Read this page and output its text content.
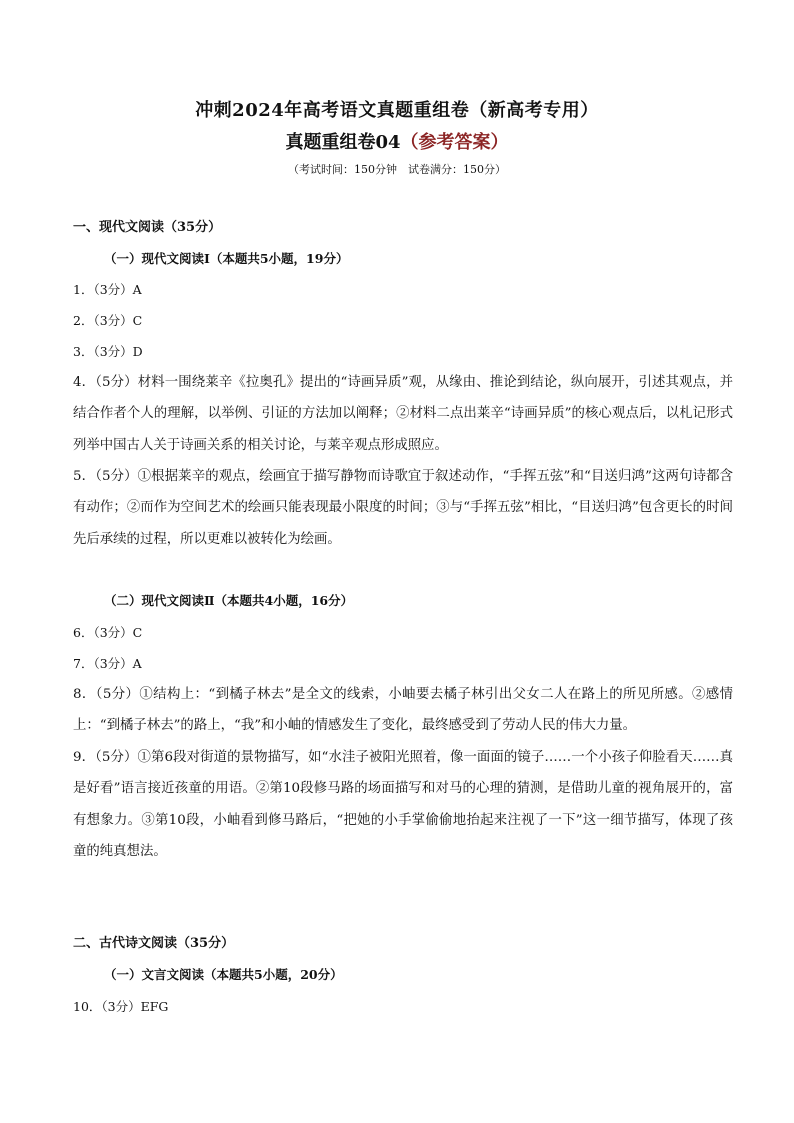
冲刺2024年高考语文真题重组卷（新高考专用）
真题重组卷04（参考答案）
（考试时间：150分钟　试卷满分：150分）
一、现代文阅读（35分）
（一）现代文阅读Ⅰ（本题共5小题，19分）
1．（3分）A
2．（3分）C
3．（3分）D
4．（5分）材料一围绕莱辛《拉奥孔》提出的“诗画异质”观，从缘由、推论到结论，纵向展开，引述其观点，并结合作者个人的理解，以举例、引证的方法加以阐释；②材料二点出莱辛“诗画异质”的核心观点后，以札记形式列举中国古人关于诗画关系的相关讨论，与莱辛观点形成照应。
5．（5分）①根据莱辛的观点，绘画宜于描写静物而诗歌宜于叙述动作，“手挥五弦”和“目送归鸿”这两句诗都含有动作；②而作为空间艺术的绘画只能表现最小限度的时间；③与“手挥五弦”相比，“目送归鸿”包含更长的时间先后承续的过程，所以更难以被转化为绘画。
（二）现代文阅读Ⅱ（本题共4小题，16分）
6．（3分）C
7．（3分）A
8．（5分）①结构上：“到橘子林去”是全文的线索，小岫要去橘子林引出父女二人在路上的所见所感。②感情上：“到橘子林去”的路上，“我”和小岫的情感发生了变化，最终感受到了劳动人民的伟大力量。
9．（5分）①第6段对街道的景物描写，如“水洼子被阳光照着，像一面面的镜子……一个小孩子仰脸看天……真是好看”语言接近孩童的用语。②第10段修马路的场面描写和对马的心理的猜测，是借助儿童的视角展开的，富有想象力。③第10段，小岫看到修马路后，“把她的小手掌偷偷地抬起来注视了一下”这一细节描写，体现了孩童的纯真想法。
二、古代诗文阅读（35分）
（一）文言文阅读（本题共5小题，20分）
10．（3分）EFG
